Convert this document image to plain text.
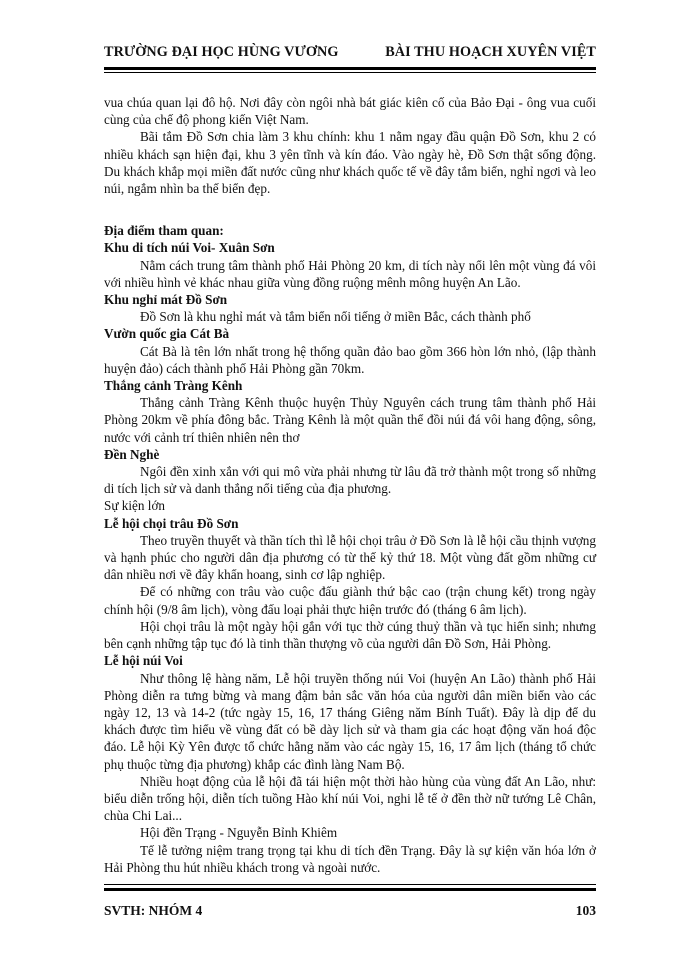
TRƯỜNG ĐẠI HỌC HÙNG VƯƠNG	BÀI THU HOẠCH XUYÊN VIỆT

vua chúa quan lại đô hộ. Nơi đây còn ngôi nhà bát giác kiên cố của Bảo Đại - ông vua cuối cùng của chế độ phong kiến Việt Nam.

Bãi tắm Đồ Sơn chia làm 3 khu chính: khu 1 nằm ngay đầu quận Đồ Sơn, khu 2 có nhiều khách sạn hiện đại, khu 3 yên tĩnh và kín đáo. Vào ngày hè, Đồ Sơn thật sống động. Du khách khắp mọi miền đất nước cũng như khách quốc tế về đây tắm biển, nghỉ ngơi và leo núi, ngắm nhìn ba thế biển đẹp.

Địa điểm tham quan:

Khu di tích núi Voi- Xuân Sơn

Nằm cách trung tâm thành phố Hải Phòng 20 km, di tích này nổi lên một vùng đá vôi với nhiều hình vẻ khác nhau giữa vùng đồng ruộng mênh mông huyện An Lão.

Khu nghỉ mát Đồ Sơn

Đồ Sơn là khu nghỉ mát và tắm biển nổi tiếng ở miền Bắc, cách thành phố

Vườn quốc gia Cát Bà

Cát Bà là tên lớn nhất trong hệ thống quần đảo bao gồm 366 hòn lớn nhỏ, (lập thành huyện đảo) cách thành phố Hải Phòng gần 70km.

Thắng cảnh Tràng Kênh

Thắng cảnh Tràng Kênh thuộc huyện Thủy Nguyên cách trung tâm thành phố Hải Phòng 20km về phía đông bắc. Tràng Kênh là một quần thể đồi núi đá vôi hang động, sông, nước với cảnh trí thiên nhiên nên thơ

Đền Nghè

Ngôi đền xinh xắn với qui mô vừa phải nhưng từ lâu đã trở thành một trong số những di tích lịch sử và danh thắng nổi tiếng của địa phương.

Sự kiện lớn

Lễ hội chọi trâu Đồ Sơn

Theo truyền thuyết và thần tích thì lễ hội chọi trâu ở Đồ Sơn là lễ hội cầu thịnh vượng và hạnh phúc cho người dân địa phương có từ thế kỷ thứ 18. Một vùng đất gồm những cư dân nhiều nơi về đây khẩn hoang, sinh cơ lập nghiệp.

Để có những con trâu vào cuộc đấu giành thứ bậc cao (trận chung kết) trong ngày chính hội (9/8 âm lịch), vòng đấu loại phải thực hiện trước đó (tháng 6 âm lịch).

Hội chọi trâu là một ngày hội gắn với tục thờ cúng thuỷ thần và tục hiến sinh; nhưng bên cạnh những tập tục đó là tinh thần thượng võ của người dân Đồ Sơn, Hải Phòng.

Lễ hội núi Voi

Như thông lệ hàng năm, Lễ hội truyền thống núi Voi (huyện An Lão) thành phố Hải Phòng diễn ra tưng bừng và mang đậm bản sắc văn hóa của người dân miền biển vào các ngày 12, 13 và 14-2 (tức ngày 15, 16, 17 tháng Giêng năm Bính Tuất). Đây là dịp để du khách được tìm hiểu về vùng đất có bề dày lịch sử và tham gia các hoạt động văn hoá độc đáo. Lễ hội Kỳ Yên được tổ chức hằng năm vào các ngày 15, 16, 17 âm lịch (tháng tổ chức phụ thuộc từng địa phương) khắp các đình làng Nam Bộ.

Nhiều hoạt động của lễ hội đã tái hiện một thời hào hùng của vùng đất An Lão, như: biểu diễn trống hội, diễn tích tuồng Hào khí núi Voi, nghi lễ tế ở đền thờ nữ tướng Lê Chân, chùa Chi Lai...

Hội đền Trạng - Nguyễn Bỉnh Khiêm

Tế lễ tưởng niệm trang trọng tại khu di tích đền Trạng. Đây là sự kiện văn hóa lớn ở Hải Phòng thu hút nhiều khách trong và ngoài nước.

SVTH: NHÓM 4	103
